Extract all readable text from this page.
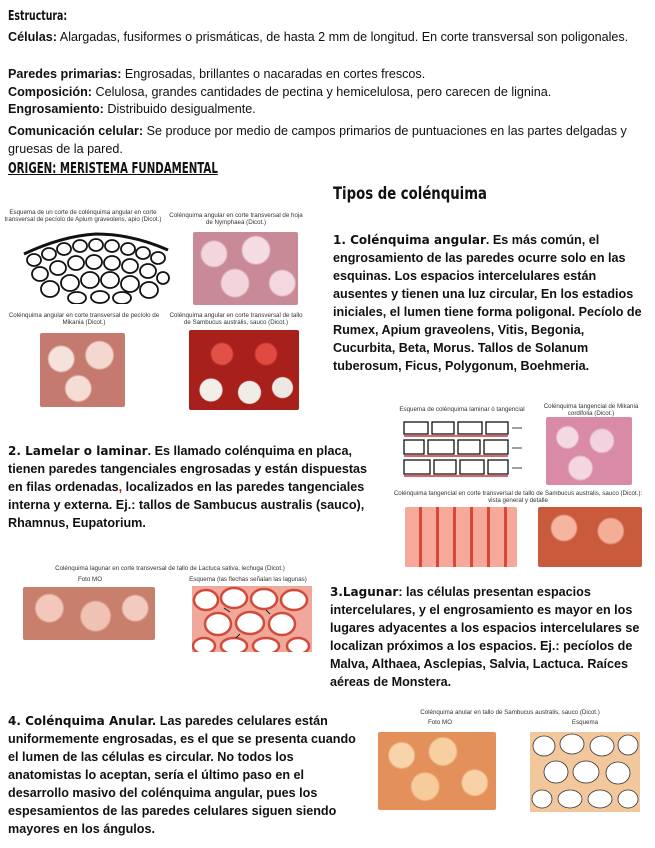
Estructura:
Células: Alargadas, fusiformes o prismáticas, de hasta 2 mm de longitud. En corte transversal son poligonales.
Paredes primarias: Engrosadas, brillantes o nacaradas en cortes frescos.
Composición: Celulosa, grandes cantidades de pectina y hemicelulosa, pero carecen de lignina.
Engrosamiento: Distribuido desigualmente.
Comunicación celular: Se produce por medio de campos primarios de puntuaciones en las partes delgadas y gruesas de la pared.
ORIGEN: MERISTEMA FUNDAMENTAL
Tipos de colénquima
1. Colénquima angular. Es más común, el engrosamiento de las paredes ocurre solo en las esquinas. Los espacios intercelulares están ausentes y tienen una luz circular, En los estadios iniciales, el lumen tiene forma poligonal. Pecíolo de Rumex, Apium graveolens, Vitis, Begonia, Cucurbita, Beta, Morus. Tallos de Solanum tuberosum, Ficus, Polygonum, Boehmeria.
2. Lamelar o laminar. Es llamado colénquima en placa, tienen paredes tangenciales engrosadas y están dispuestas en filas ordenadas, localizados en las paredes tangenciales interna y externa. Ej.: tallos de Sambucus australis (sauco), Rhamnus, Eupatorium.
3.Lagunar: las células presentan espacios intercelulares, y el engrosamiento es mayor en los lugares adyacentes a los espacios intercelulares se localizan próximos a los espacios. Ej.: pecíolos de Malva, Althaea, Asclepias, Salvia, Lactuca. Raíces aéreas de Monstera.
4. Colénquima Anular. Las paredes celulares están uniformemente engrosadas, es el que se presenta cuando el lumen de las células es circular. No todos los anatomistas lo aceptan, sería el último paso en el desarrollo masivo del colénquima angular, pues los espesamientos de las paredes celulares siguen siendo mayores en los ángulos.
Esquema de un corte de colénquima angular en corte transversal de pecíolo de Apium graveolens, apio (Dicot.)
Colénquima angular en corte transversal de hoja de Nymphaea (Dicot.)
Colénquima angular en corte transversal de pecíolo de Mikania (Dicot.)
Colénquima angular en corte transversal de tallo de Sambucus australis, sauco (Dicot.)
Esquema de colénquima laminar ó tangencial	Colénquima tangencial de Mikania cordifolia (Dicot.)
Colénquima tangencial en corte transversal de tallo de Sambucus australis, sauco (Dicot.): vista general y detalle
Colénquima lagunar en corte transversal de tallo de Lactuca sativa, lechuga (Dicot.)
Foto MO	Esquema (las flechas señalan las lagunas)
Colénquima anular en tallo de Sambucus australis, sauco (Dicot.)
Foto MO	Esquema
